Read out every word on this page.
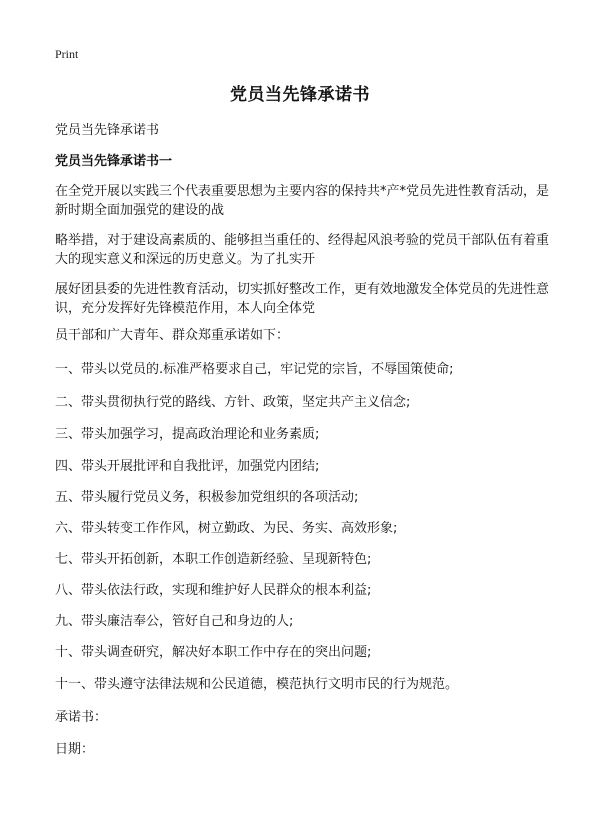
Print
党员当先锋承诺书
党员当先锋承诺书
党员当先锋承诺书一
在全党开展以实践三个代表重要思想为主要内容的保持共*产*党员先进性教育活动，是新时期全面加强党的建设的战
略举措，对于建设高素质的、能够担当重任的、经得起风浪考验的党员干部队伍有着重大的现实意义和深远的历史意义。为了扎实开
展好团县委的先进性教育活动，切实抓好整改工作，更有效地激发全体党员的先进性意识，充分发挥好先锋模范作用，本人向全体党
员干部和广大青年、群众郑重承诺如下：
一、带头以党员的.标准严格要求自己，牢记党的宗旨，不辱国策使命;
二、带头贯彻执行党的路线、方针、政策，坚定共产主义信念;
三、带头加强学习，提高政治理论和业务素质;
四、带头开展批评和自我批评，加强党内团结;
五、带头履行党员义务，积极参加党组织的各项活动;
六、带头转变工作作风，树立勤政、为民、务实、高效形象;
七、带头开拓创新，本职工作创造新经验、呈现新特色;
八、带头依法行政，实现和维护好人民群众的根本利益;
九、带头廉洁奉公，管好自己和身边的人;
十、带头调查研究，解决好本职工作中存在的突出问题;
十一、带头遵守法律法规和公民道德，模范执行文明市民的行为规范。
承诺书：
日期：
